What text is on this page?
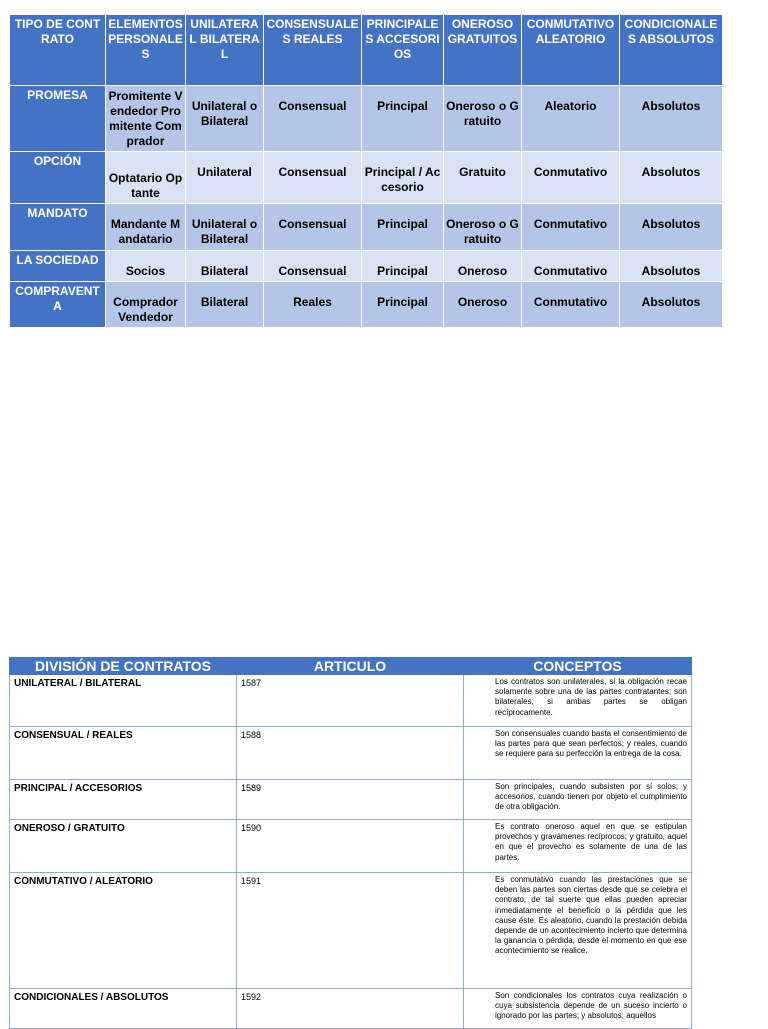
TIPO DE CONTRATO	ELEMENTOS PERSONALES	UNILATERAL BILATERAL	CONSENSUALES REALES	PRINCIPALES ACCESORIOS	ONEROSO GRATUITOS	CONMUTATIVO ALEATORIO	CONDICIONALES ABSOLUTOS
PROMESA	Promitente Vendedor Promitente Comprador	Unilateral o Bilateral	Consensual	Principal	Oneroso o Gratuito	Aleatorio	Absolutos
OPCIÓN	Optatario Optante	Unilateral	Consensual	Principal / Accesorio	Gratuito	Conmutativo	Absolutos
MANDATO	Mandante Mandatario	Unilateral o Bilateral	Consensual	Principal	Oneroso o Gratuito	Conmutativo	Absolutos
LA SOCIEDAD	Socios	Bilateral	Consensual	Principal	Oneroso	Conmutativo	Absolutos
COMPRAVENTA	Comprador Vendedor	Bilateral	Reales	Principal	Oneroso	Conmutativo	Absolutos
DIVISIÓN DE CONTRATOS	ARTICULO	CONCEPTOS
UNILATERAL / BILATERAL	1587	Los contratos son unilaterales, si la obligación recae solamente sobre una de las partes contratantes; son bilaterales, si ambas partes se obligan recíprocamente.

CONSENSUAL / REALES	1588	Son consensuales cuando basta el consentimiento de las partes para que sean perfectos; y reales, cuando se requiere para su perfección la entrega de la cosa.

PRINCIPAL / ACCESORIOS	1589	Son principales, cuando subsisten por sí solos; y accesorios, cuando tienen por objeto el cumplimiento de otra obligación.

ONEROSO / GRATUITO	1590	Es contrato oneroso aquel en que se estipulan provechos y gravámenes recíprocos; y gratuito, aquel en que el provecho es solamente de una de las partes.

CONMUTATIVO / ALEATORIO	1591	Es conmutativo cuando las prestaciones que se deben las partes son ciertas desde que se celebra el contrato, de tal suerte que ellas pueden apreciar inmediatamente el beneficio o la pérdida que les cause éste. Es aleatorio, cuando la prestación debida depende de un acontecimiento incierto que determina la ganancia o pérdida, desde el momento en que ese acontecimiento se realice.

CONDICIONALES / ABSOLUTOS	1592	Son condicionales los contratos cuya realización o cuya subsistencia depende de un suceso incierto o ignorado por las partes; y absolutos, aquellos
